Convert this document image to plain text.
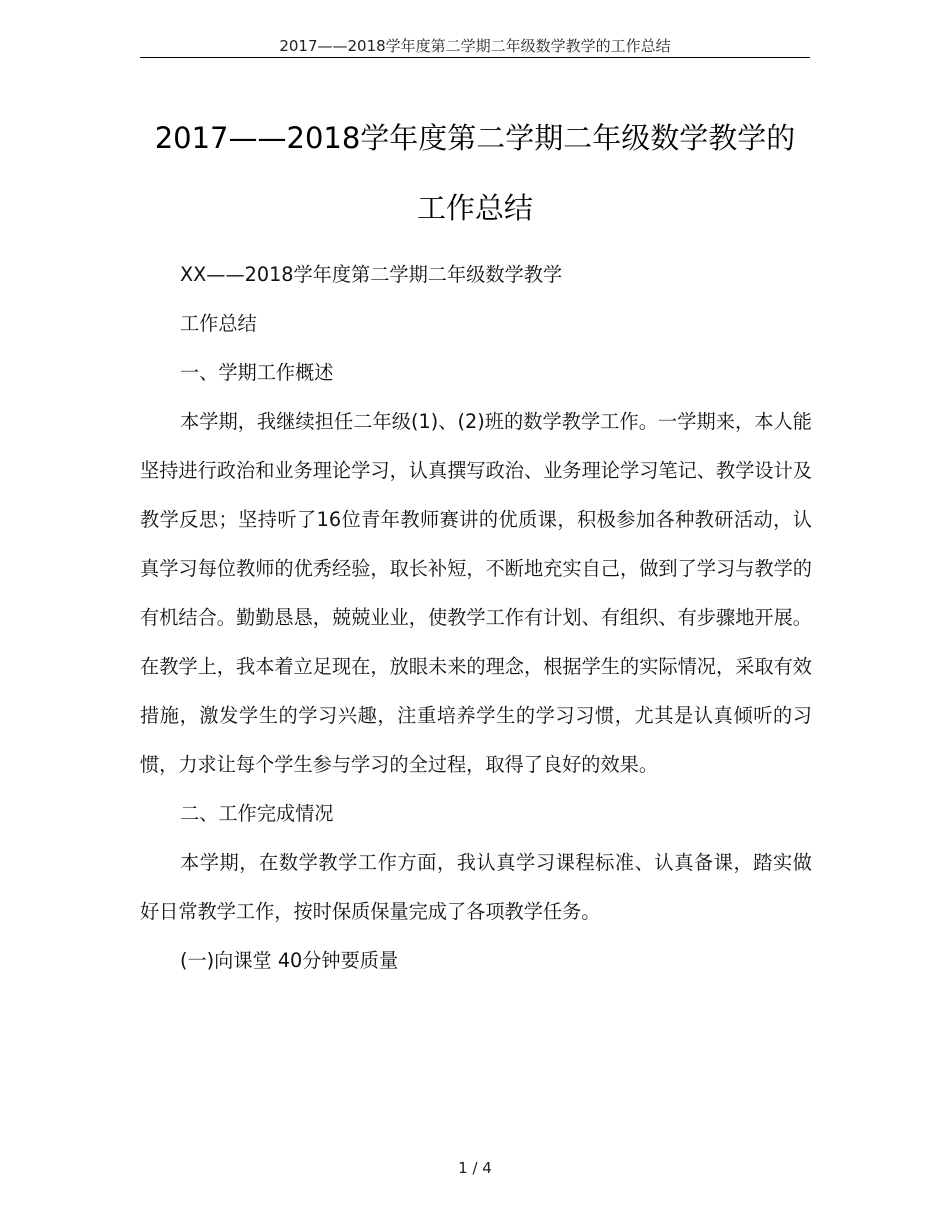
2017——2018学年度第二学期二年级数学教学的工作总结
2017——2018学年度第二学期二年级数学教学的
工作总结

XX——2018学年度第二学期二年级数学教学

工作总结

一、学期工作概述

本学期，我继续担任二年级(1)、(2)班的数学教学工作。一学期来，本人能坚持进行政治和业务理论学习，认真撰写政治、业务理论学习笔记、教学设计及教学反思；坚持听了16位青年教师赛讲的优质课，积极参加各种教研活动，认真学习每位教师的优秀经验，取长补短，不断地充实自己，做到了学习与教学的有机结合。勤勤恳恳，兢兢业业，使教学工作有计划、有组织、有步骤地开展。在教学上，我本着立足现在，放眼未来的理念，根据学生的实际情况，采取有效措施，激发学生的学习兴趣，注重培养学生的学习习惯，尤其是认真倾听的习惯，力求让每个学生参与学习的全过程，取得了良好的效果。

二、工作完成情况

本学期，在数学教学工作方面，我认真学习课程标准、认真备课，踏实做好日常教学工作，按时保质保量完成了各项教学任务。

(一)向课堂 40分钟要质量

1 / 4
